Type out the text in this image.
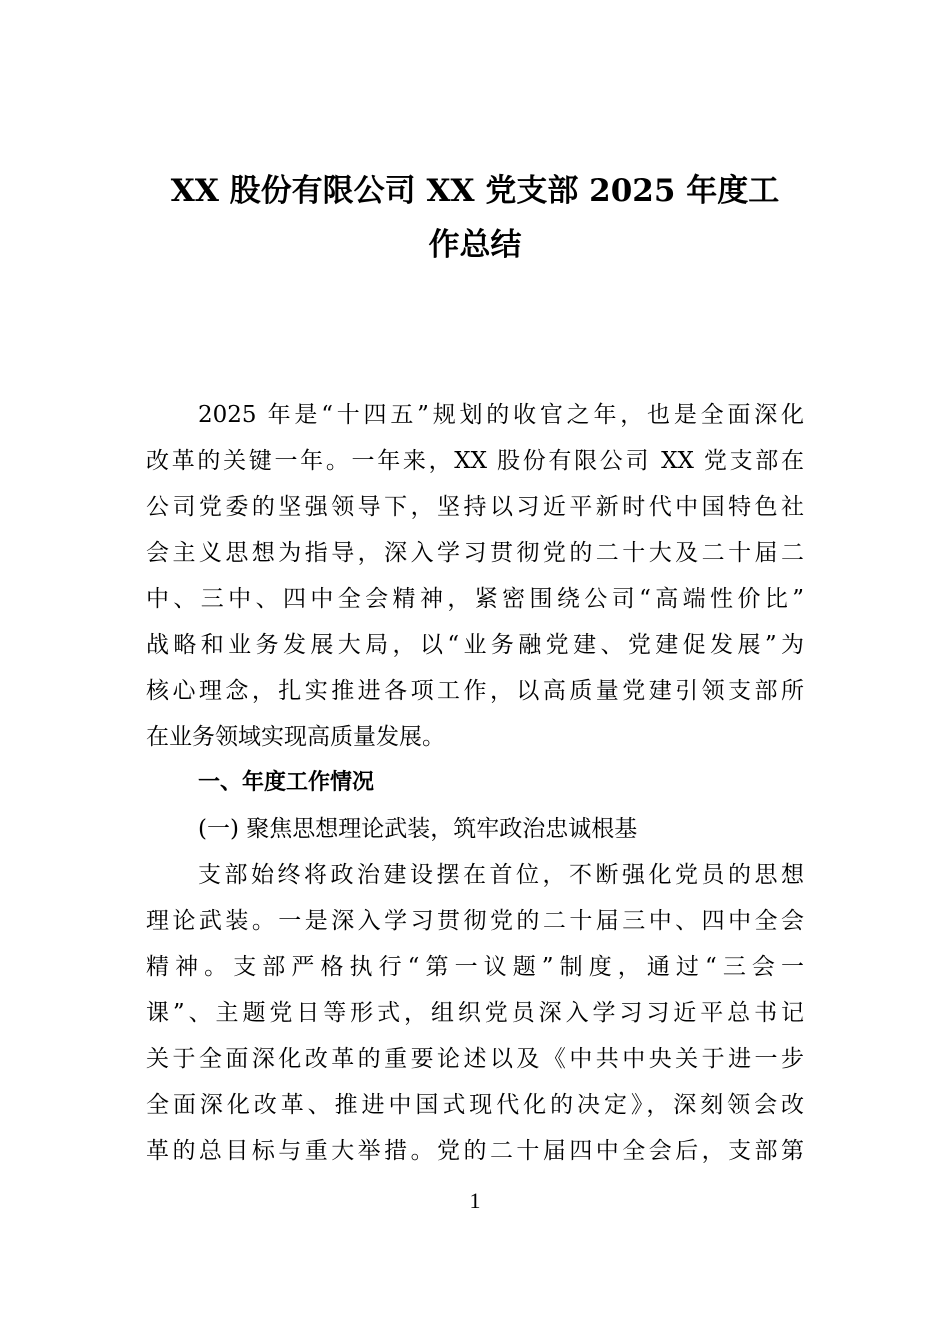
XX 股份有限公司 XX 党支部 2025 年度工
作总结
2025 年是“十四五”规划的收官之年，也是全面深化
改革的关键一年。一年来，XX 股份有限公司 XX 党支部在
公司党委的坚强领导下，坚持以习近平新时代中国特色社
会主义思想为指导，深入学习贯彻党的二十大及二十届二
中、三中、四中全会精神，紧密围绕公司“高端性价比”
战略和业务发展大局，以“业务融党建、党建促发展”为
核心理念，扎实推进各项工作，以高质量党建引领支部所
在业务领域实现高质量发展。
一、年度工作情况
(一) 聚焦思想理论武装，筑牢政治忠诚根基
支部始终将政治建设摆在首位，不断强化党员的思想
理论武装。一是深入学习贯彻党的二十届三中、四中全会
精神。支部严格执行“第一议题”制度，通过“三会一
课”、主题党日等形式，组织党员深入学习习近平总书记
关于全面深化改革的重要论述以及《中共中央关于进一步
全面深化改革、推进中国式现代化的决定》，深刻领会改
革的总目标与重大举措。党的二十届四中全会后，支部第
1
